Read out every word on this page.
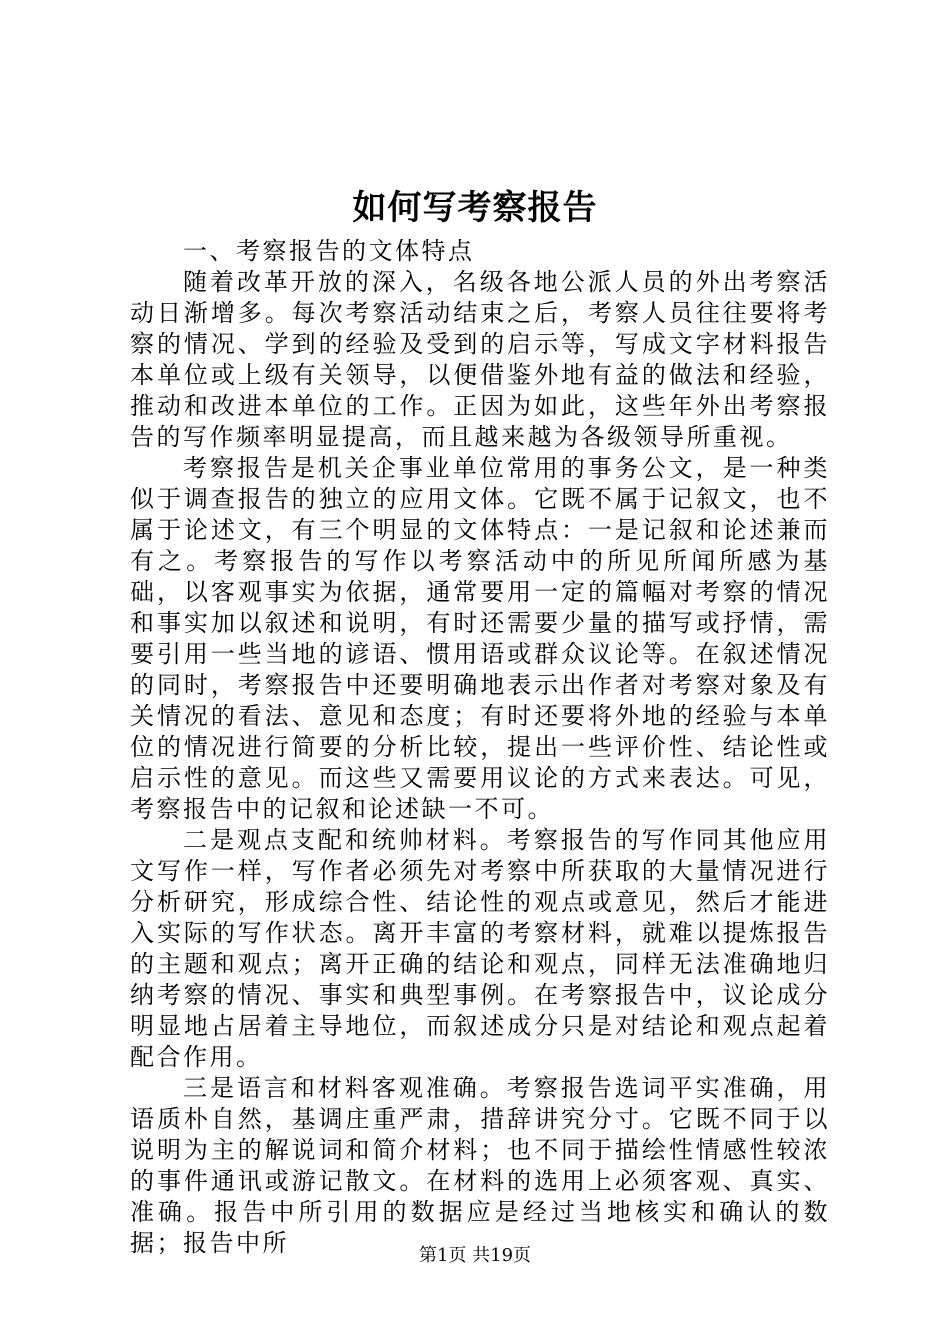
如何写考察报告

一、考察报告的文体特点

随着改革开放的深入，名级各地公派人员的外出考察活动日渐增多。每次考察活动结束之后，考察人员往往要将考察的情况、学到的经验及受到的启示等，写成文字材料报告本单位或上级有关领导，以便借鉴外地有益的做法和经验，推动和改进本单位的工作。正因为如此，这些年外出考察报告的写作频率明显提高，而且越来越为各级领导所重视。

考察报告是机关企事业单位常用的事务公文，是一种类似于调查报告的独立的应用文体。它既不属于记叙文，也不属于论述文，有三个明显的文体特点：一是记叙和论述兼而有之。考察报告的写作以考察活动中的所见所闻所感为基础，以客观事实为依据，通常要用一定的篇幅对考察的情况和事实加以叙述和说明，有时还需要少量的描写或抒情，需要引用一些当地的谚语、惯用语或群众议论等。在叙述情况的同时，考察报告中还要明确地表示出作者对考察对象及有关情况的看法、意见和态度；有时还要将外地的经验与本单位的情况进行简要的分析比较，提出一些评价性、结论性或启示性的意见。而这些又需要用议论的方式来表达。可见，考察报告中的记叙和论述缺一不可。

二是观点支配和统帅材料。考察报告的写作同其他应用文写作一样，写作者必须先对考察中所获取的大量情况进行分析研究，形成综合性、结论性的观点或意见，然后才能进入实际的写作状态。离开丰富的考察材料，就难以提炼报告的主题和观点；离开正确的结论和观点，同样无法准确地归纳考察的情况、事实和典型事例。在考察报告中，议论成分明显地占居着主导地位，而叙述成分只是对结论和观点起着配合作用。

三是语言和材料客观准确。考察报告选词平实准确，用语质朴自然，基调庄重严肃，措辞讲究分寸。它既不同于以说明为主的解说词和简介材料；也不同于描绘性情感性较浓的事件通讯或游记散文。在材料的选用上必须客观、真实、准确。报告中所引用的数据应是经过当地核实和确认的数据；报告中所	第1页 共19页
